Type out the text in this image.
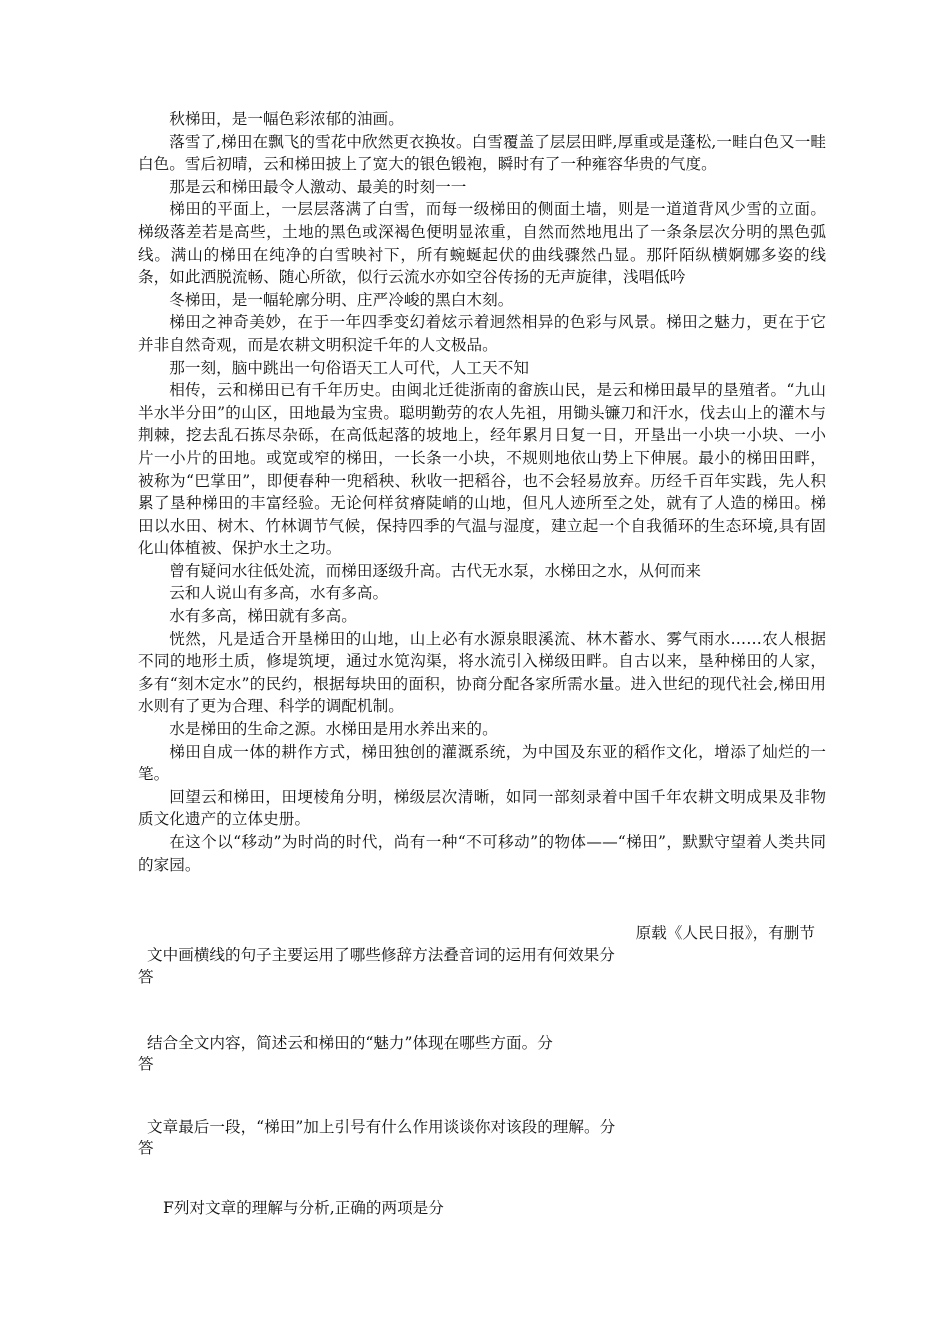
秋梯田，是一幅色彩浓郁的油画。

落雪了,梯田在飘飞的雪花中欣然更衣换妆。白雪覆盖了层层田畔,厚重或是蓬松,一畦白色又一畦白色。雪后初晴，云和梯田披上了宽大的银色锻袍，瞬时有了一种雍容华贵的气度。

那是云和梯田最令人激动、最美的时刻一一

梯田的平面上，一层层落满了白雪，而每一级梯田的侧面土墙，则是一道道背风少雪的立面。梯级落差若是高些，土地的黑色或深褐色便明显浓重，自然而然地甩出了一条条层次分明的黑色弧线。满山的梯田在纯净的白雪映衬下，所有蜿蜒起伏的曲线骤然凸显。那阡陌纵横婀娜多姿的线条，如此洒脱流畅、随心所欲，似行云流水亦如空谷传扬的无声旋律，浅唱低吟

冬梯田，是一幅轮廓分明、庄严冷峻的黑白木刻。

梯田之神奇美妙，在于一年四季变幻着炫示着迥然相异的色彩与风景。梯田之魅力，更在于它并非自然奇观，而是农耕文明积淀千年的人文极品。

那一刻，脑中跳出一句俗语天工人可代，人工天不知

相传，云和梯田已有千年历史。由闽北迁徙浙南的畲族山民，是云和梯田最早的垦殖者。“九山半水半分田”的山区，田地最为宝贵。聪明勤劳的农人先祖，用锄头镰刀和汗水，伐去山上的灌木与荆棘，挖去乱石拣尽杂砾，在高低起落的坡地上，经年累月日复一日，开垦出一小块一小块、一小片一小片的田地。或宽或窄的梯田，一长条一小块，不规则地依山势上下伸展。最小的梯田田畔，被称为“巴掌田”，即便春种一兜稻秧、秋收一把稻谷，也不会轻易放弃。历经千百年实践，先人积累了垦种梯田的丰富经验。无论何样贫瘠陡峭的山地，但凡人迹所至之处，就有了人造的梯田。梯田以水田、树木、竹林调节气候，保持四季的气温与湿度，建立起一个自我循环的生态环境,具有固化山体植被、保护水土之功。

曾有疑问水往低处流，而梯田逐级升高。古代无水泵，水梯田之水，从何而来

云和人说山有多高，水有多高。

水有多高，梯田就有多高。

恍然，凡是适合开垦梯田的山地，山上必有水源泉眼溪流、林木蓄水、雾气雨水……农人根据不同的地形土质，修堤筑埂，通过水笕沟渠，将水流引入梯级田畔。自古以来，垦种梯田的人家，多有“刻木定水”的民约，根据每块田的面积，协商分配各家所需水量。进入世纪的现代社会,梯田用水则有了更为合理、科学的调配机制。

水是梯田的生命之源。水梯田是用水养出来的。

梯田自成一体的耕作方式，梯田独创的灌溉系统，为中国及东亚的稻作文化，增添了灿烂的一笔。

回望云和梯田，田埂棱角分明，梯级层次清晰，如同一部刻录着中国千年农耕文明成果及非物质文化遗产的立体史册。

在这个以“移动”为时尚的时代，尚有一种“不可移动”的物体——“梯田”，默默守望着人类共同的家园。

原载《人民日报》，有删节
文中画横线的句子主要运用了哪些修辞方法叠音词的运用有何效果分
答
结合全文内容，简述云和梯田的“魅力”体现在哪些方面。分
答
文章最后一段，“梯田”加上引号有什么作用谈谈你对该段的理解。分
答
F列对文章的理解与分析,正确的两项是分
